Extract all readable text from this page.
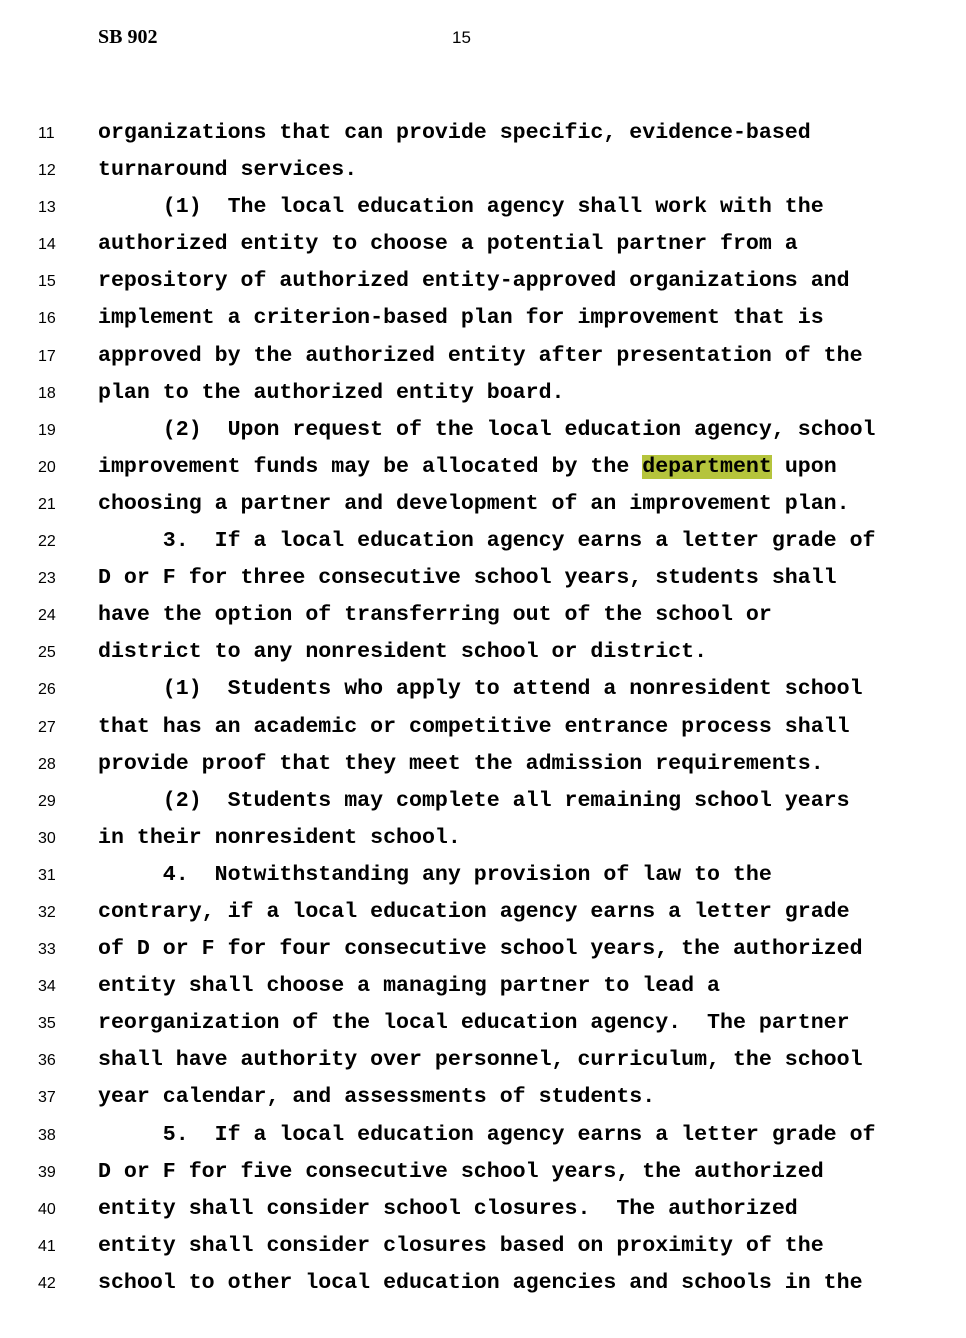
SB 902	15
11	organizations that can provide specific, evidence-based
12 turnaround services.
13 (1)  The local education agency shall work with the
14 authorized entity to choose a potential partner from a
15 repository of authorized entity-approved organizations and
16 implement a criterion-based plan for improvement that is
17 approved by the authorized entity after presentation of the
18 plan to the authorized entity board.
19 (2)  Upon request of the local education agency, school
20 improvement funds may be allocated by the department upon
21 choosing a partner and development of an improvement plan.
22 3.  If a local education agency earns a letter grade of
23 D or F for three consecutive school years, students shall
24 have the option of transferring out of the school or
25 district to any nonresident school or district.
26 (1)  Students who apply to attend a nonresident school
27 that has an academic or competitive entrance process shall
28 provide proof that they meet the admission requirements.
29 (2)  Students may complete all remaining school years
30 in their nonresident school.
31 4.  Notwithstanding any provision of law to the
32 contrary, if a local education agency earns a letter grade
33 of D or F for four consecutive school years, the authorized
34 entity shall choose a managing partner to lead a
35 reorganization of the local education agency.  The partner
36 shall have authority over personnel, curriculum, the school
37 year calendar, and assessments of students.
38 5.  If a local education agency earns a letter grade of
39 D or F for five consecutive school years, the authorized
40 entity shall consider school closures.  The authorized
41 entity shall consider closures based on proximity of the
42 school to other local education agencies and schools in the
